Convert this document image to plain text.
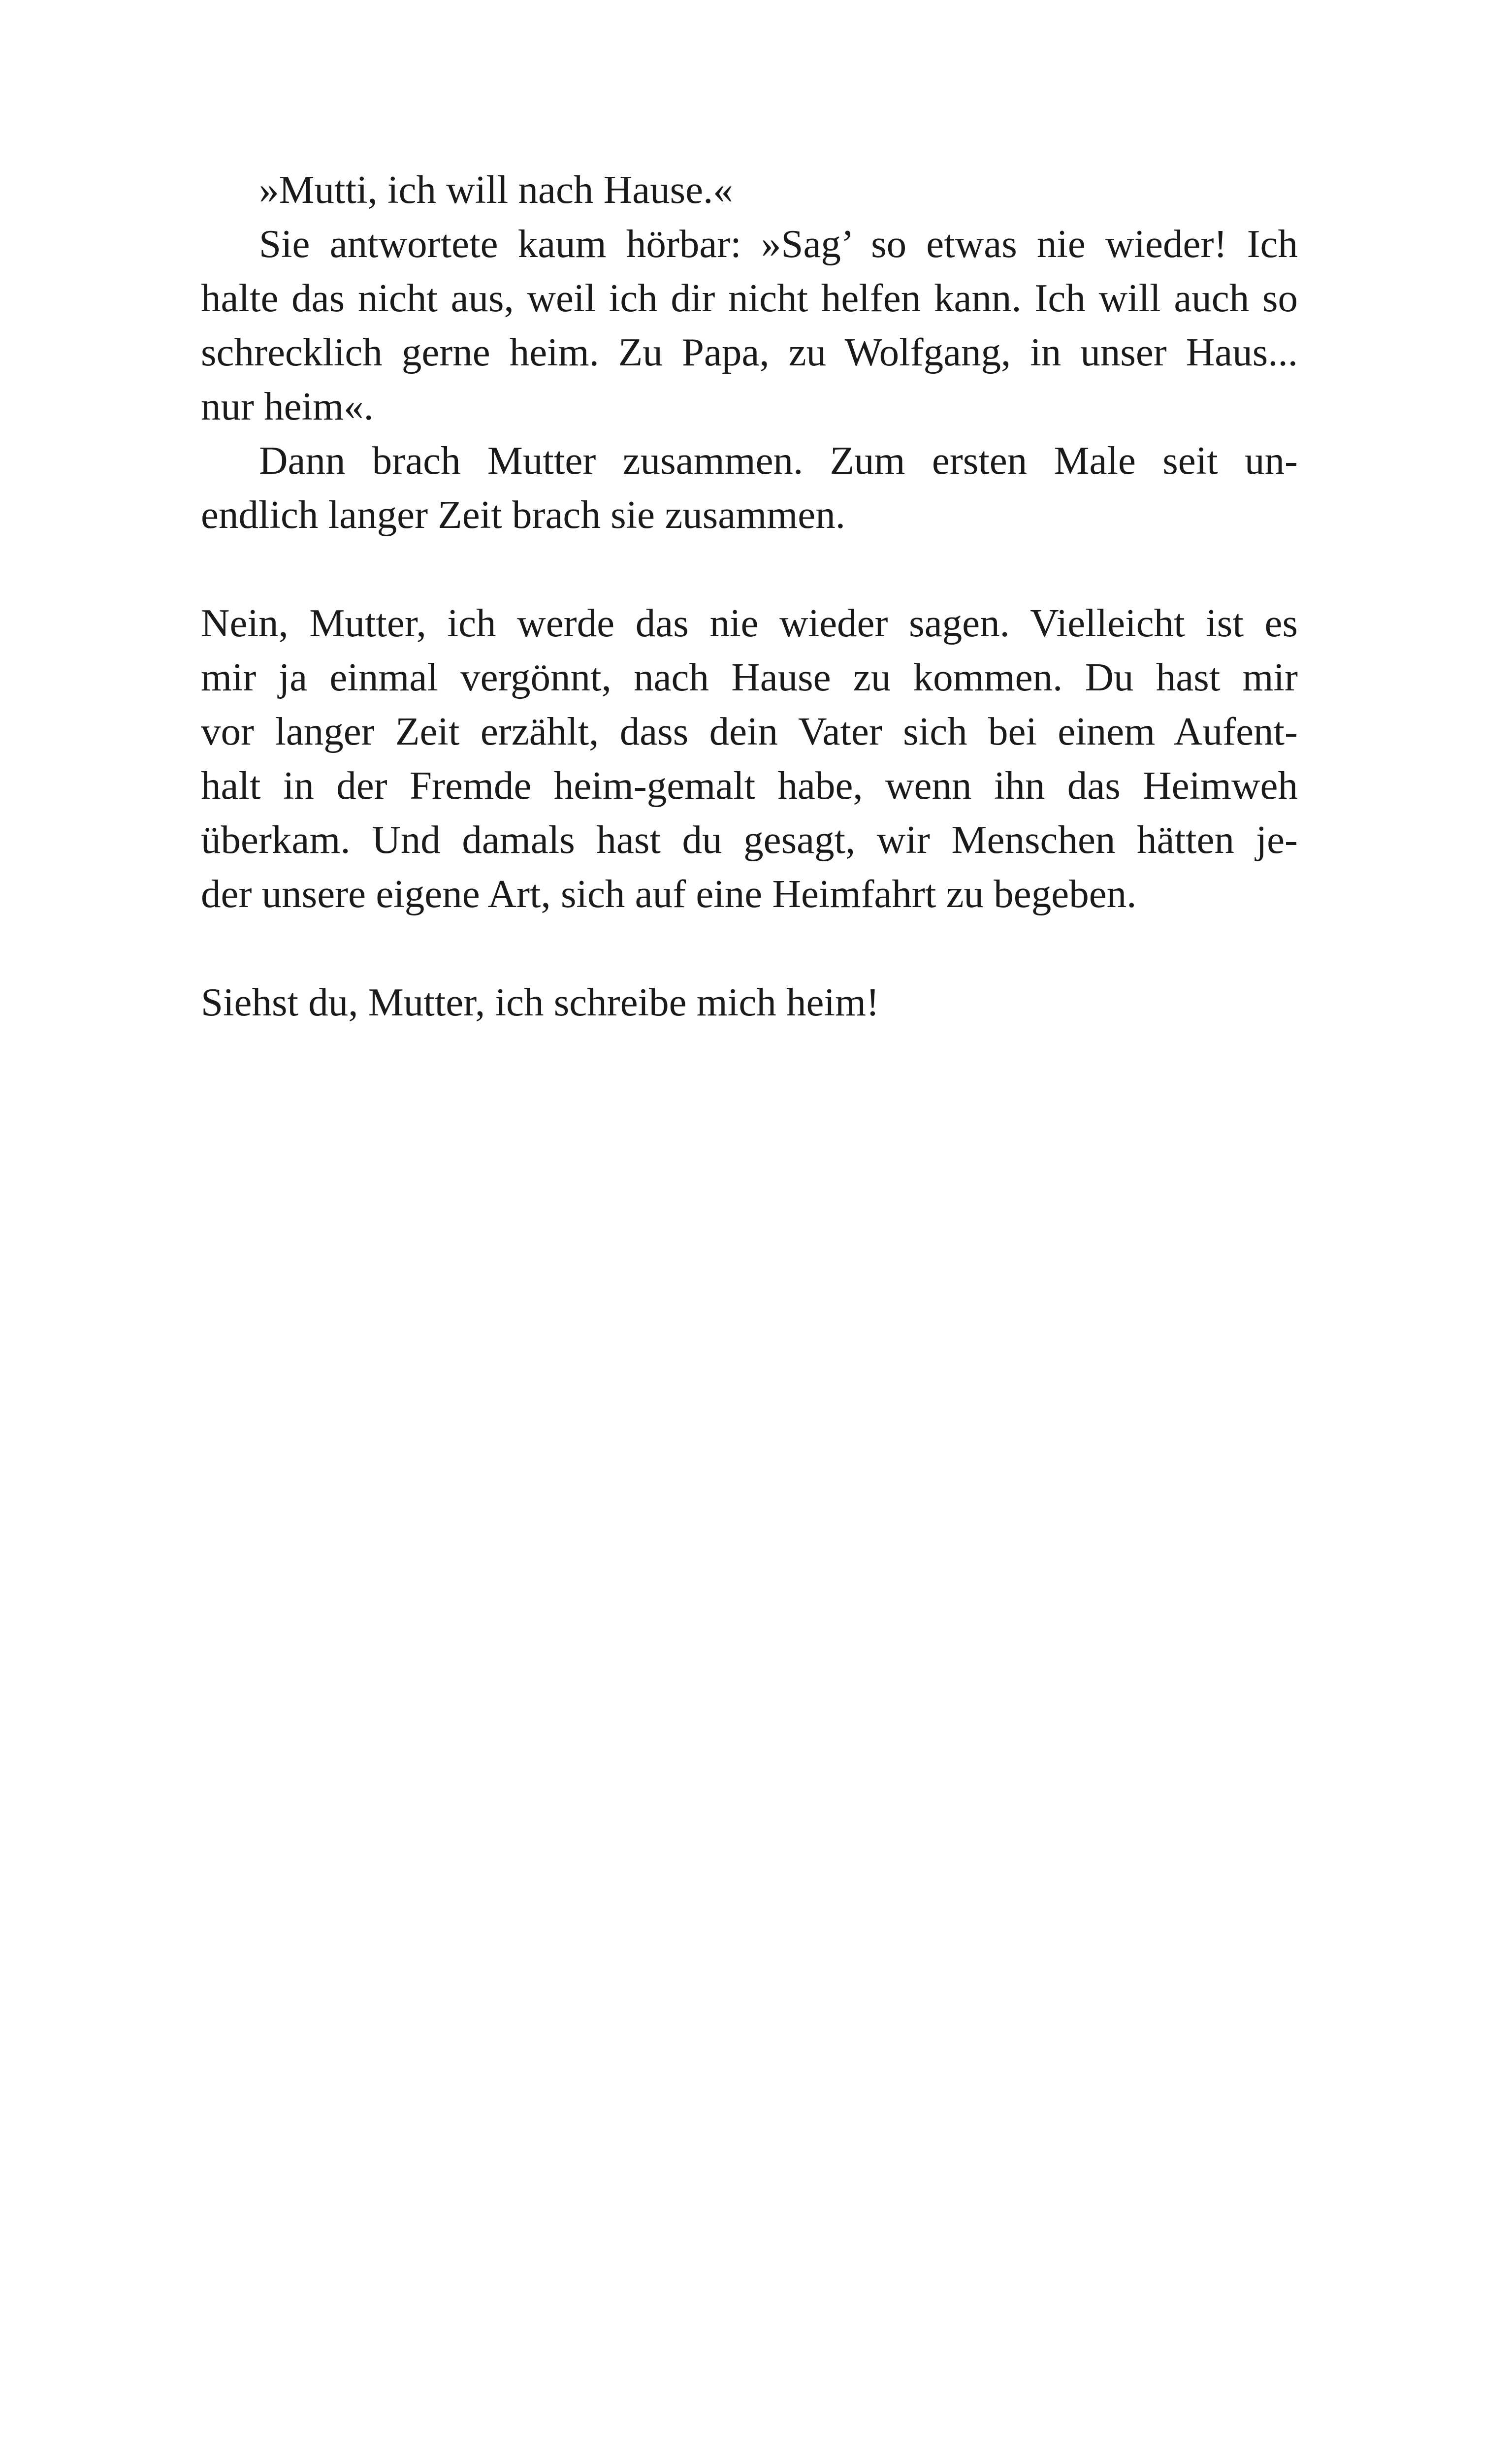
»Mutti, ich will nach Hause.«

Sie antwortete kaum hörbar: »Sag’ so etwas nie wieder! Ich
halte das nicht aus, weil ich dir nicht helfen kann. Ich will auch so
schrecklich gerne heim. Zu Papa, zu Wolfgang, in unser Haus...
nur heim«.

Dann brach Mutter zusammen. Zum ersten Male seit un-
endlich langer Zeit brach sie zusammen.

Nein, Mutter, ich werde das nie wieder sagen. Vielleicht ist es
mir ja einmal vergönnt, nach Hause zu kommen. Du hast mir
vor langer Zeit erzählt, dass dein Vater sich bei einem Aufent-
halt in der Fremde heim-gemalt habe, wenn ihn das Heimweh
überkam. Und damals hast du gesagt, wir Menschen hätten je-
der unsere eigene Art, sich auf eine Heimfahrt zu begeben.

Siehst du, Mutter, ich schreibe mich heim!
